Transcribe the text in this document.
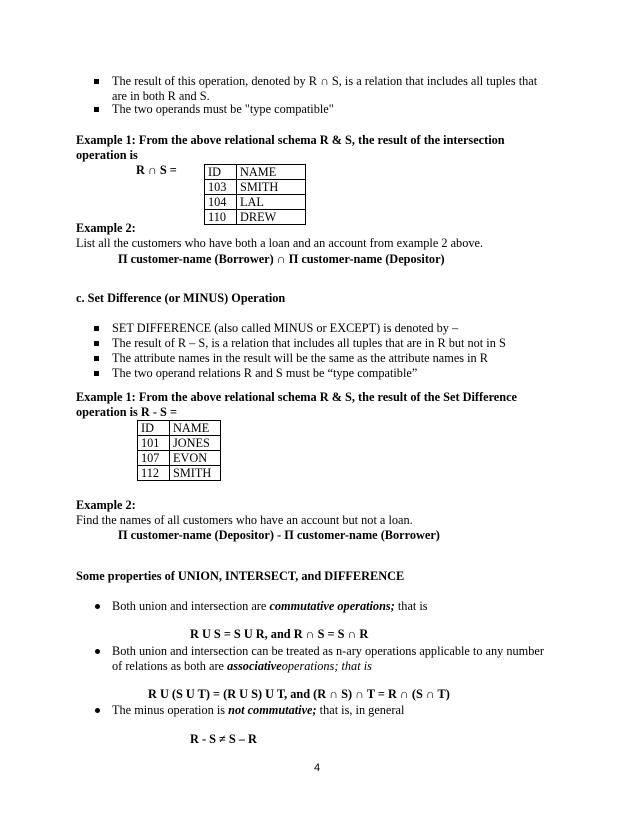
The result of this operation, denoted by R ∩ S, is a relation that includes all tuples that
are in both R and S.
The two operands must be "type compatible"
Example 1: From the above relational schema R & S, the result of the intersection
operation is
R ∩ S =	ID	NAME
103	SMITH
104	LAL
110	DREW
Example 2:
List all the customers who have both a loan and an account from example 2 above.
Π customer-name (Borrower) ∩ Π customer-name (Depositor)
c. Set Difference (or MINUS) Operation
SET DIFFERENCE (also called MINUS or EXCEPT) is denoted by –
The result of R – S, is a relation that includes all tuples that are in R but not in S
The attribute names in the result will be the same as the attribute names in R
The two operand relations R and S must be “type compatible”
Example 1: From the above relational schema R & S, the result of the Set Difference
operation is R - S =
ID	NAME
101	JONES
107	EVON
112	SMITH
Example 2:
Find the names of all customers who have an account but not a loan.
Π customer-name (Depositor) - Π customer-name (Borrower)
Some properties of UNION, INTERSECT, and DIFFERENCE
Both union and intersection are commutative operations; that is
R U S = S U R, and R ∩ S = S ∩ R
Both union and intersection can be treated as n-ary operations applicable to any number
of relations as both are associativeoperations; that is
R U (S U T) = (R U S) U T, and (R ∩ S) ∩ T = R ∩ (S ∩ T)
The minus operation is not commutative; that is, in general
R - S ≠ S – R
4
